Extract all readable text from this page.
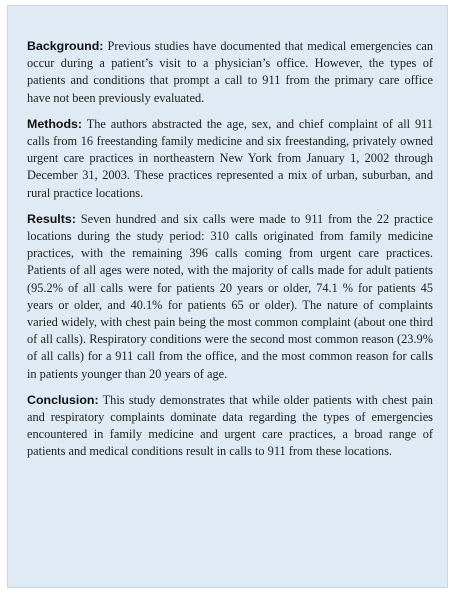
Background: Previous studies have documented that medical emergencies can occur during a patient’s visit to a physician’s office. However, the types of patients and conditions that prompt a call to 911 from the primary care office have not been previously evaluated.

Methods: The authors abstracted the age, sex, and chief complaint of all 911 calls from 16 freestanding family medicine and six freestanding, privately owned urgent care practices in northeastern New York from January 1, 2002 through December 31, 2003. These practices represented a mix of urban, suburban, and rural practice locations.

Results: Seven hundred and six calls were made to 911 from the 22 practice locations during the study period: 310 calls originated from family medicine practices, with the remaining 396 calls coming from urgent care practices. Patients of all ages were noted, with the majority of calls made for adult patients (95.2% of all calls were for patients 20 years or older, 74.1 % for patients 45 years or older, and 40.1% for patients 65 or older). The nature of complaints varied widely, with chest pain being the most common complaint (about one third of all calls). Respiratory conditions were the second most common reason (23.9% of all calls) for a 911 call from the office, and the most common reason for calls in patients younger than 20 years of age.

Conclusion: This study demonstrates that while older patients with chest pain and respiratory complaints dominate data regarding the types of emergencies encountered in family medicine and urgent care practices, a broad range of patients and medical conditions result in calls to 911 from these locations.
